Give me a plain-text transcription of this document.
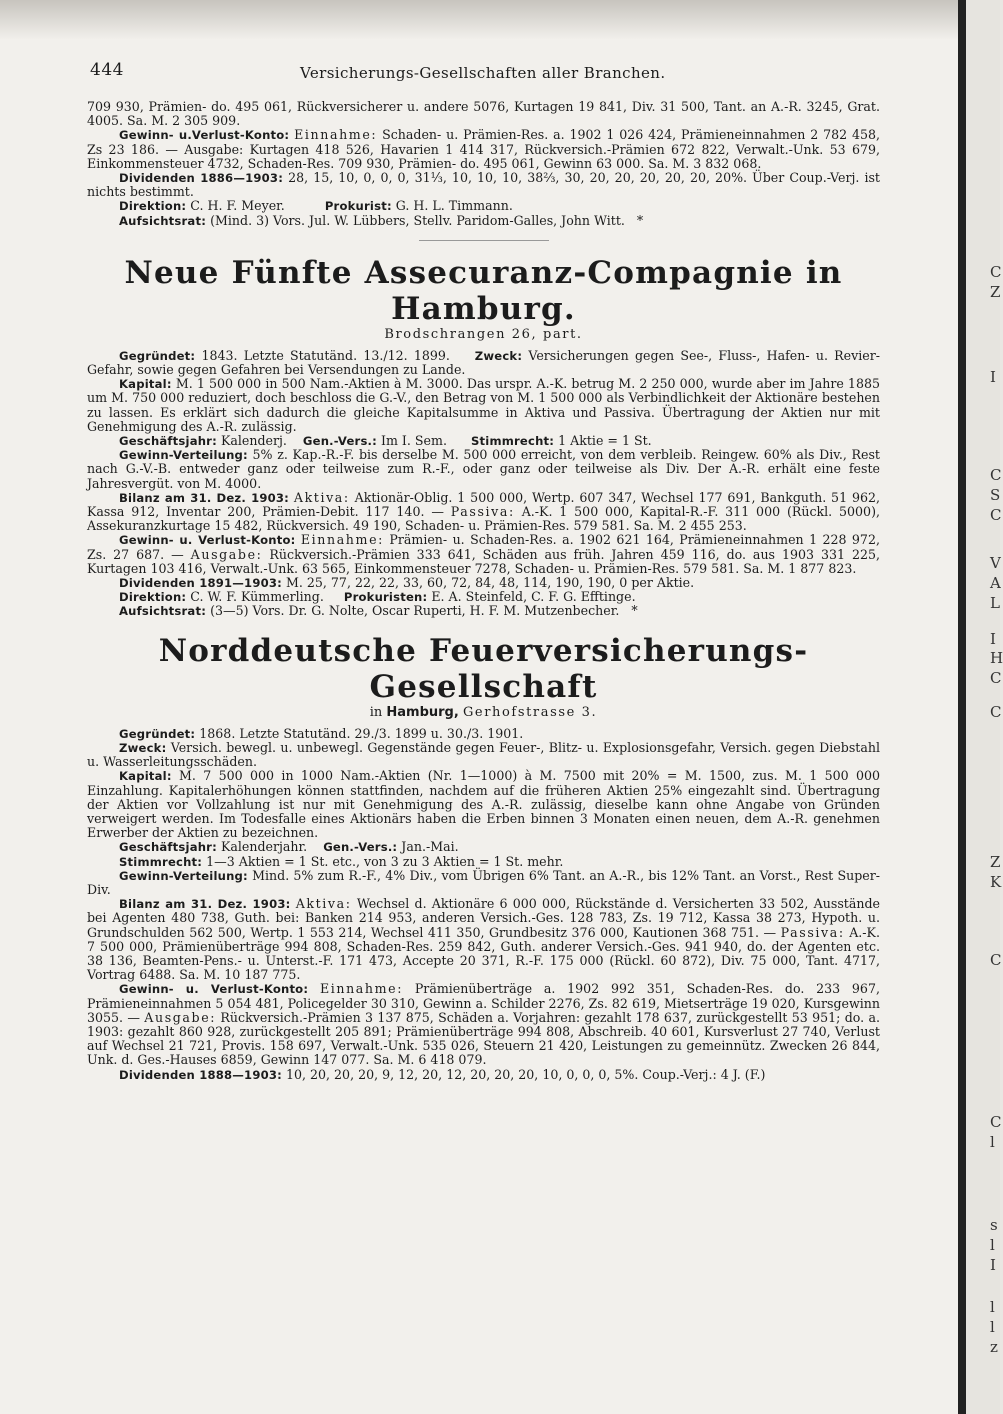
444	Versicherungs-Gesellschaften aller Branchen.

709 930, Prämien- do. 495 061, Rückversicherer u. andere 5076, Kurtagen 19 841, Div. 31 500, Tant. an A.-R. 3245, Grat. 4005. Sa. M. 2 305 909.

Gewinn- u.Verlust-Konto: Einnahme: Schaden- u. Prämien-Res. a. 1902 1 026 424, Prämieneinnahmen 2 782 458, Zs 23 186. — Ausgabe: Kurtagen 418 526, Havarien 1 414 317, Rückversich.-Prämien 672 822, Verwalt.-Unk. 53 679, Einkommensteuer 4732, Schaden-Res. 709 930, Prämien- do. 495 061, Gewinn 63 000. Sa. M. 3 832 068.

Dividenden 1886—1903: 28, 15, 10, 0, 0, 0, 31⅓, 10, 10, 10, 38⅔, 30, 20, 20, 20, 20, 20, 20%. Über Coup.-Verj. ist nichts bestimmt.

Direktion: C. H. F. Meyer.	Prokurist: G. H. L. Timmann.

Aufsichtsrat: (Mind. 3) Vors. Jul. W. Lübbers, Stellv. Paridom-Galles, John Witt. *

Neue Fünfte Assecuranz-Compagnie in Hamburg.
Brodschrangen 26, part.

Gegründet: 1843. Letzte Statutänd. 13./12. 1899. Zweck: Versicherungen gegen See-, Fluss-, Hafen- u. Revier-Gefahr, sowie gegen Gefahren bei Versendungen zu Lande.

Kapital: M. 1 500 000 in 500 Nam.-Aktien à M. 3000. Das urspr. A.-K. betrug M. 2 250 000, wurde aber im Jahre 1885 um M. 750 000 reduziert, doch beschloss die G.-V., den Betrag von M. 1 500 000 als Verbindlichkeit der Aktionäre bestehen zu lassen. Es erklärt sich dadurch die gleiche Kapitalsumme in Aktiva und Passiva. Übertragung der Aktien nur mit Genehmigung des A.-R. zulässig.

Geschäftsjahr: Kalenderj. Gen.-Vers.: Im I. Sem. Stimmrecht: 1 Aktie = 1 St.

Gewinn-Verteilung: 5% z. Kap.-R.-F. bis derselbe M. 500 000 erreicht, von dem verbleib. Reingew. 60% als Div., Rest nach G.-V.-B. entweder ganz oder teilweise zum R.-F., oder ganz oder teilweise als Div. Der A.-R. erhält eine feste Jahresvergüt. von M. 4000.

Bilanz am 31. Dez. 1903: Aktiva: Aktionär-Oblig. 1 500 000, Wertp. 607 347, Wechsel 177 691, Bankguth. 51 962, Kassa 912, Inventar 200, Prämien-Debit. 117 140. — Passiva: A.-K. 1 500 000, Kapital-R.-F. 311 000 (Rückl. 5000), Assekuranzkurtage 15 482, Rückversich. 49 190, Schaden- u. Prämien-Res. 579 581. Sa. M. 2 455 253.

Gewinn- u. Verlust-Konto: Einnahme: Prämien- u. Schaden-Res. a. 1902 621 164, Prämieneinnahmen 1 228 972, Zs. 27 687. — Ausgabe: Rückversich.-Prämien 333 641, Schäden aus früh. Jahren 459 116, do. aus 1903 331 225, Kurtagen 103 416, Verwalt.-Unk. 63 565, Einkommensteuer 7278, Schaden- u. Prämien-Res. 579 581. Sa. M. 1 877 823.

Dividenden 1891—1903: M. 25, 77, 22, 22, 33, 60, 72, 84, 48, 114, 190, 190, 0 per Aktie.

Direktion: C. W. F. Kümmerling. Prokuristen: E. A. Steinfeld, C. F. G. Efftinge.

Aufsichtsrat: (3—5) Vors. Dr. G. Nolte, Oscar Ruperti, H. F. M. Mutzenbecher. *

Norddeutsche Feuerversicherungs-Gesellschaft
in Hamburg, Gerhofstrasse 3.

Gegründet: 1868. Letzte Statutänd. 29./3. 1899 u. 30./3. 1901.

Zweck: Versich. bewegl. u. unbewegl. Gegenstände gegen Feuer-, Blitz- u. Explosionsgefahr, Versich. gegen Diebstahl u. Wasserleitungsschäden.

Kapital: M. 7 500 000 in 1000 Nam.-Aktien (Nr. 1—1000) à M. 7500 mit 20% = M. 1500, zus. M. 1 500 000 Einzahlung. Kapitalerhöhungen können stattfinden, nachdem auf die früheren Aktien 25% eingezahlt sind. Übertragung der Aktien vor Vollzahlung ist nur mit Genehmigung des A.-R. zulässig, dieselbe kann ohne Angabe von Gründen verweigert werden. Im Todesfalle eines Aktionärs haben die Erben binnen 3 Monaten einen neuen, dem A.-R. genehmen Erwerber der Aktien zu bezeichnen.

Geschäftsjahr: Kalenderjahr. Gen.-Vers.: Jan.-Mai.

Stimmrecht: 1—3 Aktien = 1 St. etc., von 3 zu 3 Aktien = 1 St. mehr.

Gewinn-Verteilung: Mind. 5% zum R.-F., 4% Div., vom Übrigen 6% Tant. an A.-R., bis 12% Tant. an Vorst., Rest Super-Div.

Bilanz am 31. Dez. 1903: Aktiva: Wechsel d. Aktionäre 6 000 000, Rückstände d. Versicherten 33 502, Ausstände bei Agenten 480 738, Guth. bei: Banken 214 953, anderen Versich.-Ges. 128 783, Zs. 19 712, Kassa 38 273, Hypoth. u. Grundschulden 562 500, Wertp. 1 553 214, Wechsel 411 350, Grundbesitz 376 000, Kautionen 368 751. — Passiva: A.-K. 7 500 000, Prämienüberträge 994 808, Schaden-Res. 259 842, Guth. anderer Versich.-Ges. 941 940, do. der Agenten etc. 38 136, Beamten-Pens.- u. Unterst.-F. 171 473, Accepte 20 371, R.-F. 175 000 (Rückl. 60 872), Div. 75 000, Tant. 4717, Vortrag 6488. Sa. M. 10 187 775.

Gewinn- u. Verlust-Konto: Einnahme: Prämienüberträge a. 1902 992 351, Schaden-Res. do. 233 967, Prämieneinnahmen 5 054 481, Policegelder 30 310, Gewinn a. Schilder 2276, Zs. 82 619, Mietserträge 19 020, Kursgewinn 3055. — Ausgabe: Rückversich.-Prämien 3 137 875, Schäden a. Vorjahren: gezahlt 178 637, zurückgestellt 53 951; do. a. 1903: gezahlt 860 928, zurückgestellt 205 891; Prämienüberträge 994 808, Abschreib. 40 601, Kursverlust 27 740, Verlust auf Wechsel 21 721, Provis. 158 697, Verwalt.-Unk. 535 026, Steuern 21 420, Leistungen zu gemeinnütz. Zwecken 26 844, Unk. d. Ges.-Hauses 6859, Gewinn 147 077. Sa. M. 6 418 079.

Dividenden 1888—1903: 10, 20, 20, 20, 9, 12, 20, 12, 20, 20, 20, 10, 0, 0, 0, 5%. Coup.-Verj.: 4 J. (F.)

C
Z
I
C
S
C
V
A
L
I
H
C
C
Z
K
C
C
l
s
l
I
l
l
z
